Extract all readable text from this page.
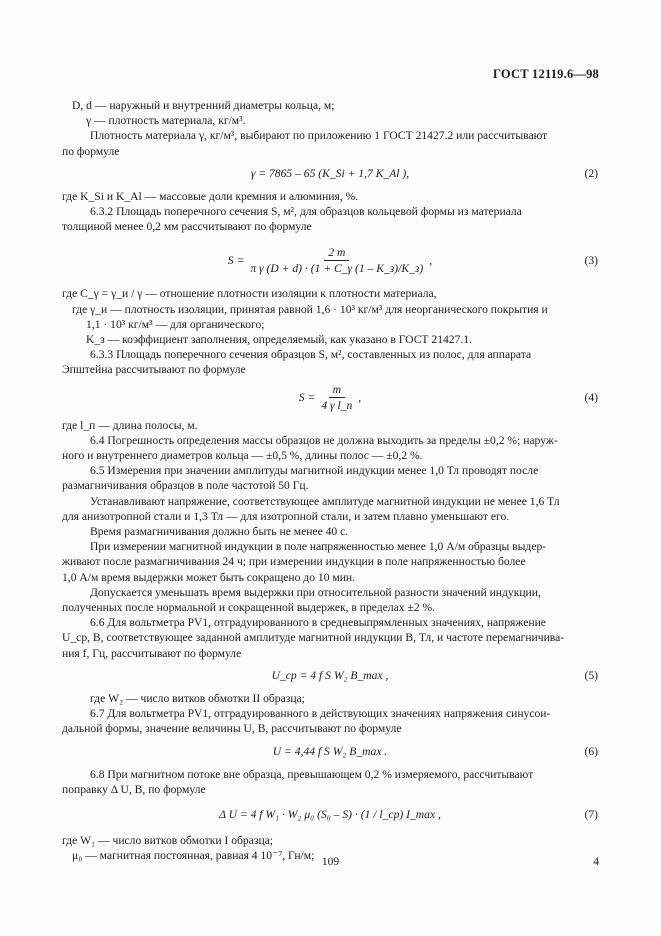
ГОСТ 12119.6—98

D, d — наружный и внутренний диаметры кольца, м;

γ — плотность материала, кг/м³.

Плотность материала γ, кг/м³, выбирают по приложению 1 ГОСТ 21427.2 или рассчитывают

по формуле

γ = 7865 – 65 (K_Si + 1,7 K_Al ),	(2)

где K_Si и K_Al — массовые доли кремния и алюминия, %.

6.3.2 Площадь поперечного сечения S, м², для образцов кольцевой формы из материала

толщиной менее 0,2 мм рассчитывают по формуле

$S = \frac{2 m}{\text{π γ (D + d) · (1 + C\_γ (1 – K\_з)/K\_з)}}$ ,	(3)

где C_γ = γ_и / γ — отношение плотности изоляции к плотности материала,

где γ_и — плотность изоляции, принятая равной 1,6 · 10³ кг/м³ для неорганического покрытия и

1,1 · 10³ кг/м³ — для органического;

K_з — коэффициент заполнения, определяемый, как указано в ГОСТ 21427.1.

6.3.3 Площадь поперечного сечения образцов S, м², составленных из полос, для аппарата

Эпштейна рассчитывают по формуле

$S = \frac{m}{\text{4 γ l\_п}}$ ,	(4)

где l_п — длина полосы, м.

6.4 Погрешность определения массы образцов не должна выходить за пределы ±0,2 %; наруж-

ного и внутреннего диаметров кольца — ±0,5 %, длины полос — ±0,2 %.

6.5 Измерения при значении амплитуды магнитной индукции менее 1,0 Тл проводят после

размагничивания образцов в поле частотой 50 Гц.

Устанавливают напряжение, соответствующее амплитуде магнитной индукции не менее 1,6 Тл

для анизотропной стали и 1,3 Тл — для изотропной стали, и затем плавно уменьшают его.

Время размагничивания должно быть не менее 40 с.

При измерении магнитной индукции в поле напряженностью менее 1,0 А/м образцы выдер-

живают после размагничивания 24 ч; при измерении индукции в поле напряженностью более

1,0 А/м время выдержки может быть сокращено до 10 мин.

Допускается уменьшать время выдержки при относительной разности значений индукции,

полученных после нормальной и сокращенной выдержек, в пределах ±2 %.

6.6 Для вольтметра PV1, отградуированного в средневыпрямленных значениях, напряжение

U_ср, В, соответствующее заданной амплитуде магнитной индукции B, Тл, и частоте перемагничива-

ния f, Гц, рассчитывают по формуле

U_ср = 4 f S W₂ B_max ,	(5)

где W₂ — число витков обмотки II образца;

6.7 Для вольтметра PV1, отградуированного в действующих значениях напряжения синусои-

дальной формы, значение величины U, В, рассчитывают по формуле

U = 4,44 f S W₂ B_max .	(6)

6.8 При магнитном потоке вне образца, превышающем 0,2 % измеряемого, рассчитывают

поправку Δ U, В, по формуле

Δ U = 4 f W₁ · W₂ μ₀ (S₀ – S) · (1 / l_ср) I_max ,	(7)

где W₁ — число витков обмотки I образца;

μ₀ — магнитная постоянная, равная 4 10⁻⁷, Гн/м; 109	4
